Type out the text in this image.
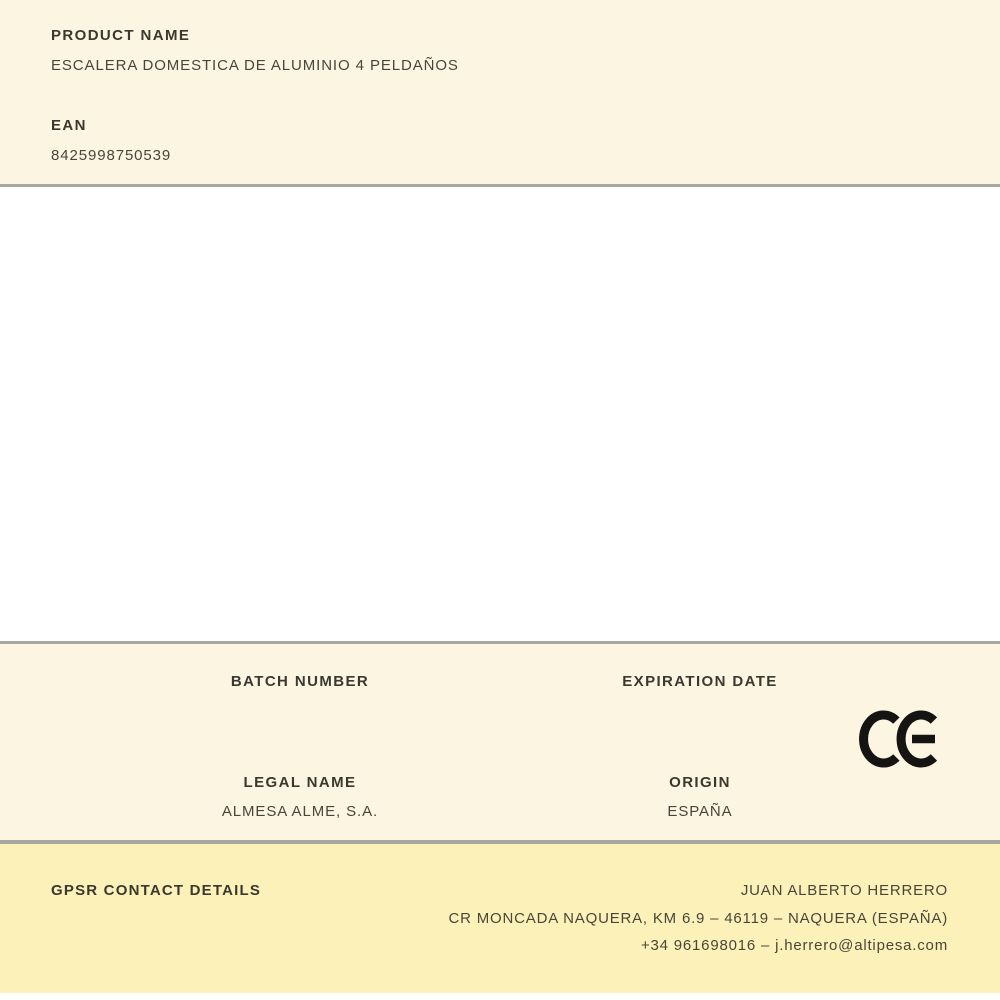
PRODUCT NAME
ESCALERA DOMESTICA DE ALUMINIO 4 PELDAÑOS
EAN
8425998750539
BATCH NUMBER	EXPIRATION DATE
LEGAL NAME
ALMESA ALME, S.A.
ORIGIN
ESPAÑA
GPSR CONTACT DETAILS	JUAN ALBERTO HERRERO
CR MONCADA NAQUERA, KM 6.9 – 46119 – NAQUERA (ESPAÑA)
+34 961698016 – j.herrero@altipesa.com
